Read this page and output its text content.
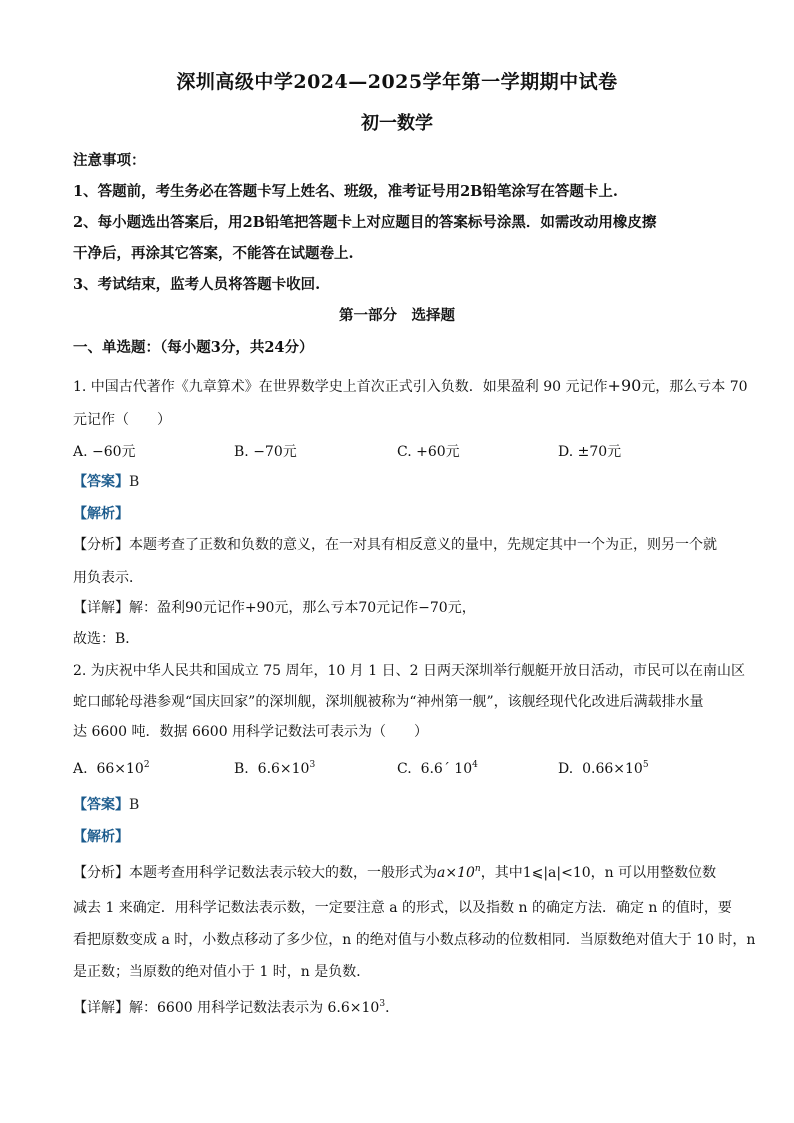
深圳高级中学2024—2025学年第一学期期中试卷
初一数学
注意事项：
1、答题前，考生务必在答题卡写上姓名、班级，准考证号用2B铅笔涂写在答题卡上.
2、每小题选出答案后，用2B铅笔把答题卡上对应题目的答案标号涂黑．如需改动用橡皮擦
干净后，再涂其它答案，不能答在试题卷上.
3、考试结束，监考人员将答题卡收回.
第一部分　选择题
一、单选题：（每小题3分，共24分）
1. 中国古代著作《九章算术》在世界数学史上首次正式引入负数．如果盈利 90 元记作+90元，那么亏本 70
元记作（　　）
A. −60元	B. −70元	C. +60元	D. ±70元
【答案】B
【解析】
【分析】本题考查了正数和负数的意义，在一对具有相反意义的量中，先规定其中一个为正，则另一个就
用负表示．
【详解】解：盈利90元记作+90元，那么亏本70元记作−70元，
故选：B．
2. 为庆祝中华人民共和国成立 75 周年，10 月 1 日、2 日两天深圳举行舰艇开放日活动，市民可以在南山区
蛇口邮轮母港参观“国庆回家”的深圳舰，深圳舰被称为“神州第一舰”，该舰经现代化改进后满载排水量
达 6600 吨．数据 6600 用科学记数法可表示为（　　）
A. $66\times 10^2$	B. $6.6\times 10^3$	C. 6.6´ $10^4$	D. $0.66\times 10^5$
【答案】B
【解析】
【分析】本题考查用科学记数法表示较大的数，一般形式为$a\times 10^n$，其中1⩽|a|<10，n 可以用整数位数
减去 1 来确定．用科学记数法表示数，一定要注意 a 的形式，以及指数 n 的确定方法．确定 n 的值时，要
看把原数变成 a 时，小数点移动了多少位，n 的绝对值与小数点移动的位数相同．当原数绝对值大于 10 时，n
是正数；当原数的绝对值小于 1 时，n 是负数．
【详解】解：6600 用科学记数法表示为 $6.6\times 10^3$．
